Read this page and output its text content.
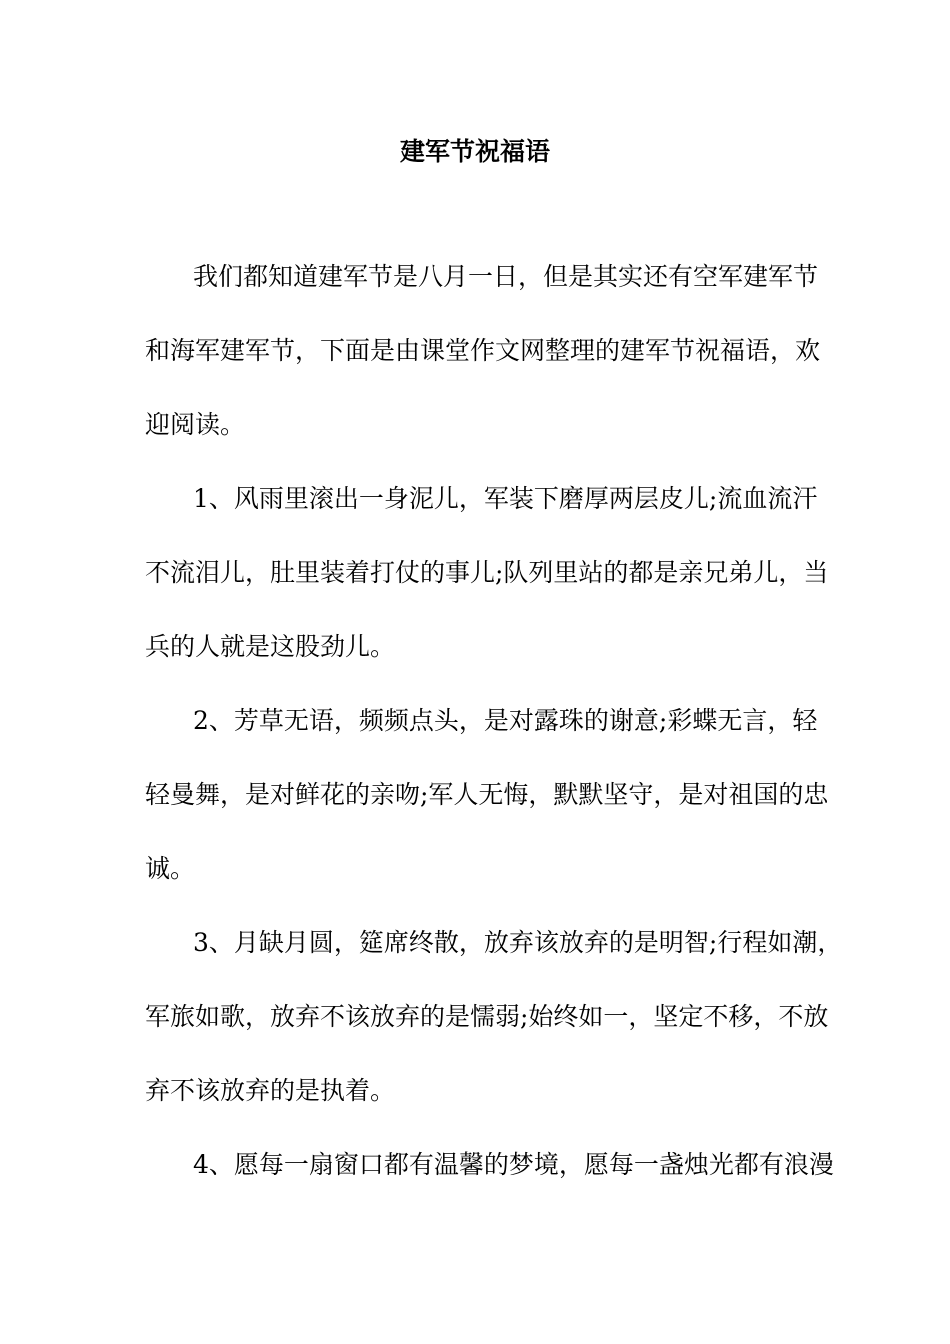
建军节祝福语
我们都知道建军节是八月一日，但是其实还有空军建军节
和海军建军节，下面是由课堂作文网整理的建军节祝福语，欢
迎阅读。
1、风雨里滚出一身泥儿，军装下磨厚两层皮儿;流血流汗
不流泪儿，肚里装着打仗的事儿;队列里站的都是亲兄弟儿，当
兵的人就是这股劲儿。
2、芳草无语，频频点头，是对露珠的谢意;彩蝶无言，轻
轻曼舞，是对鲜花的亲吻;军人无悔，默默坚守，是对祖国的忠
诚。
3、月缺月圆，筵席终散，放弃该放弃的是明智;行程如潮，
军旅如歌，放弃不该放弃的是懦弱;始终如一，坚定不移，不放
弃不该放弃的是执着。
4、愿每一扇窗口都有温馨的梦境，愿每一盏烛光都有浪漫
